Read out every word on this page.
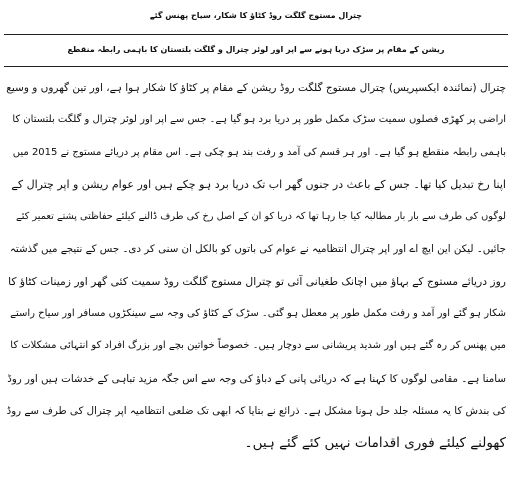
چترال مستوج گلگت روڈ کٹاؤ کا شکار، سیاح پھنس گئے
ریشن کے مقام پر سڑک دریا ہونے سے اپر اور لوئر چترال و گلگت بلتستان کا باہمی رابطہ منقطع
چترال (نمائندہ ایکسپریس) چترال مستوج گلگت روڈ ریشن کے مقام پر کٹاؤ کا شکار ہوا ہے، اور تین گھروں و وسیع
اراضی پر کھڑی فصلوں سمیت سڑک مکمل طور پر دریا برد ہو گیا ہے۔ جس سے اپر اور لوئر چترال و گلگت بلتستان کا
باہمی رابطہ منقطع ہو گیا ہے۔ اور ہر قسم کی آمد و رفت بند ہو چکی ہے۔ اس مقام پر دریائے مستوج نے 2015 میں
اپنا رخ تبدیل کیا تھا۔ جس کے باعث در جنوں گھر اب تک دریا برد ہو چکے ہیں اور عوام ریشن و اپر چترال کے
لوگوں کی طرف سے بار بار مطالبہ کیا جا رہا تھا کہ دریا کو ان کے اصل رخ کی طرف ڈالنے کیلئے حفاظتی پشتے تعمیر کئے
جائیں۔ لیکن این ایچ اے اور اپر چترال انتظامیہ نے عوام کی باتوں کو بالکل ان سنی کر دی۔ جس کے نتیجے میں گذشتہ
روز دریائے مستوج کے بہاؤ میں اچانک طغیانی آئی تو چترال مستوج گلگت روڈ سمیت کئی گھر اور زمینات کٹاؤ کا
شکار ہو گئے اور آمد و رفت مکمل طور پر معطل ہو گئی۔ سڑک کے کٹاؤ کی وجہ سے سینکڑوں مسافر اور سیاح راستے
میں پھنس کر رہ گئے ہیں اور شدید پریشانی سے دوچار ہیں۔ خصوصاً خواتین بچے اور بزرگ افراد کو انتہائی مشکلات کا
سامنا ہے۔ مقامی لوگوں کا کہنا ہے کہ دریائی پانی کے دباؤ کی وجہ سے اس جگہ مزید تباہی کے خدشات ہیں اور روڈ
کی بندش کا یہ مسئلہ جلد حل ہونا مشکل ہے۔ ذرائع نے بتایا کہ ابھی تک ضلعی انتظامیہ اپر چترال کی طرف سے روڈ
کھولنے کیلئے فوری اقدامات نہیں کئے گئے ہیں۔
